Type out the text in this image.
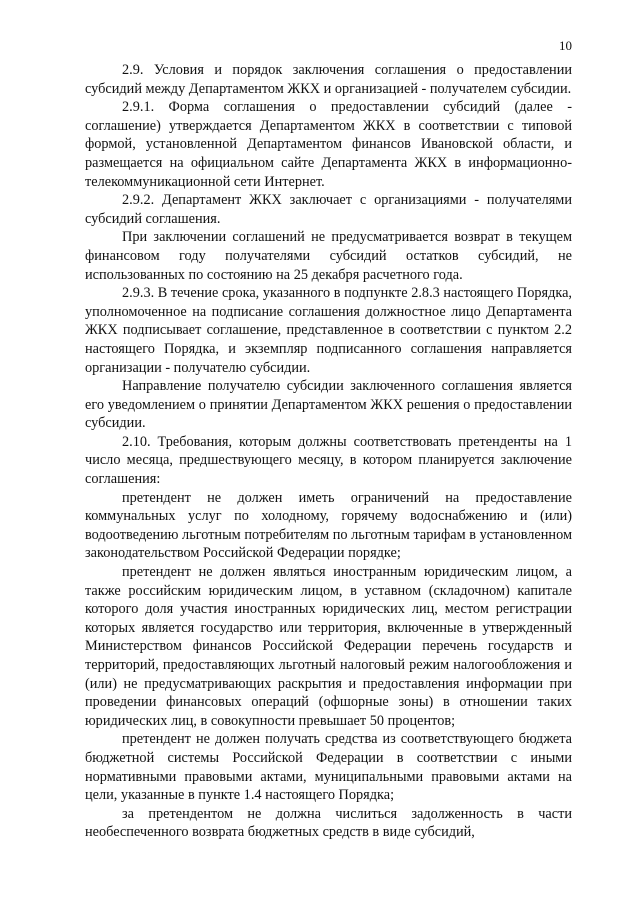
10

2.9. Условия и порядок заключения соглашения о предоставлении субсидий между Департаментом ЖКХ и организацией - получателем субсидии.

2.9.1. Форма соглашения о предоставлении субсидий (далее - соглашение) утверждается Департаментом ЖКХ в соответствии с типовой формой, установленной Департаментом финансов Ивановской области, и размещается на официальном сайте Департамента ЖКХ в информационно-телекоммуникационной сети Интернет.

2.9.2. Департамент ЖКХ заключает с организациями - получателями субсидий соглашения.

При заключении соглашений не предусматривается возврат в текущем финансовом году получателями субсидий остатков субсидий, не использованных по состоянию на 25 декабря расчетного года.

2.9.3. В течение срока, указанного в подпункте 2.8.3 настоящего Порядка, уполномоченное на подписание соглашения должностное лицо Департамента ЖКХ подписывает соглашение, представленное в соответствии с пунктом 2.2 настоящего Порядка, и экземпляр подписанного соглашения направляется организации - получателю субсидии.

Направление получателю субсидии заключенного соглашения является его уведомлением о принятии Департаментом ЖКХ решения о предоставлении субсидии.

2.10. Требования, которым должны соответствовать претенденты на 1 число месяца, предшествующего месяцу, в котором планируется заключение соглашения:

претендент не должен иметь ограничений на предоставление коммунальных услуг по холодному, горячему водоснабжению и (или) водоотведению льготным потребителям по льготным тарифам в установленном законодательством Российской Федерации порядке;

претендент не должен являться иностранным юридическим лицом, а также российским юридическим лицом, в уставном (складочном) капитале которого доля участия иностранных юридических лиц, местом регистрации которых является государство или территория, включенные в утвержденный Министерством финансов Российской Федерации перечень государств и территорий, предоставляющих льготный налоговый режим налогообложения и (или) не предусматривающих раскрытия и предоставления информации при проведении финансовых операций (офшорные зоны) в отношении таких юридических лиц, в совокупности превышает 50 процентов;

претендент не должен получать средства из соответствующего бюджета бюджетной системы Российской Федерации в соответствии с иными нормативными правовыми актами, муниципальными правовыми актами на цели, указанные в пункте 1.4 настоящего Порядка;

за претендентом не должна числиться задолженность в части необеспеченного возврата бюджетных средств в виде субсидий,
